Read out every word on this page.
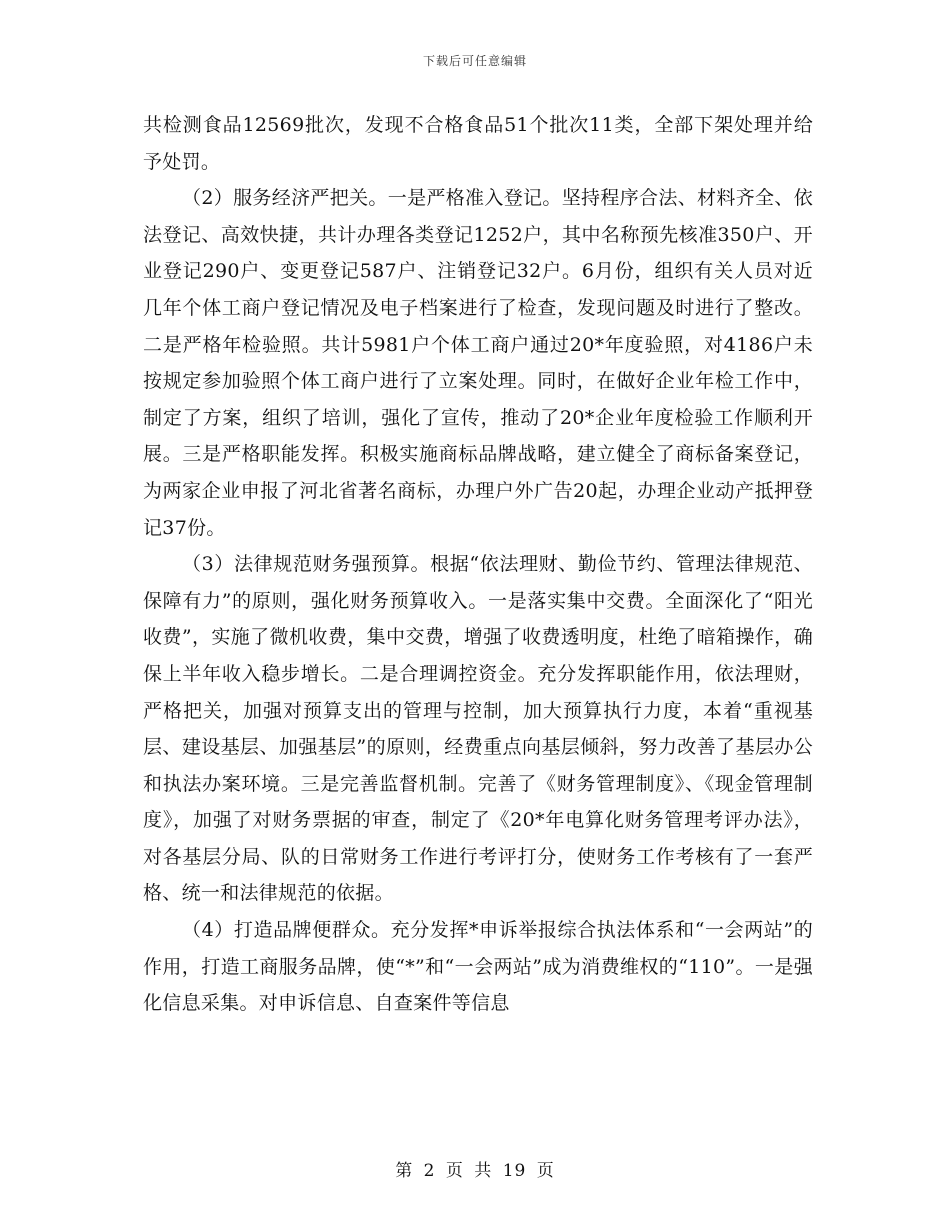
下载后可任意编辑

共检测食品12569批次，发现不合格食品51个批次11类，全部下架处理并给予处罚。

（2）服务经济严把关。一是严格准入登记。坚持程序合法、材料齐全、依法登记、高效快捷，共计办理各类登记1252户，其中名称预先核准350户、开业登记290户、变更登记587户、注销登记32户。6月份，组织有关人员对近几年个体工商户登记情况及电子档案进行了检查，发现问题及时进行了整改。二是严格年检验照。共计5981户个体工商户通过20*年度验照，对4186户未按规定参加验照个体工商户进行了立案处理。同时，在做好企业年检工作中，制定了方案，组织了培训，强化了宣传，推动了20*企业年度检验工作顺利开展。三是严格职能发挥。积极实施商标品牌战略，建立健全了商标备案登记，为两家企业申报了河北省著名商标，办理户外广告20起，办理企业动产抵押登记37份。

（3）法律规范财务强预算。根据“依法理财、勤俭节约、管理法律规范、保障有力”的原则，强化财务预算收入。一是落实集中交费。全面深化了“阳光收费”，实施了微机收费，集中交费，增强了收费透明度，杜绝了暗箱操作，确保上半年收入稳步增长。二是合理调控资金。充分发挥职能作用，依法理财，严格把关，加强对预算支出的管理与控制，加大预算执行力度，本着“重视基层、建设基层、加强基层”的原则，经费重点向基层倾斜，努力改善了基层办公和执法办案环境。三是完善监督机制。完善了《财务管理制度》、《现金管理制度》，加强了对财务票据的审查，制定了《20*年电算化财务管理考评办法》，对各基层分局、队的日常财务工作进行考评打分，使财务工作考核有了一套严格、统一和法律规范的依据。

（4）打造品牌便群众。充分发挥*申诉举报综合执法体系和“一会两站”的作用，打造工商服务品牌，使“*”和“一会两站”成为消费维权的“110”。一是强化信息采集。对申诉信息、自查案件等信息

第 2 页 共 19 页
